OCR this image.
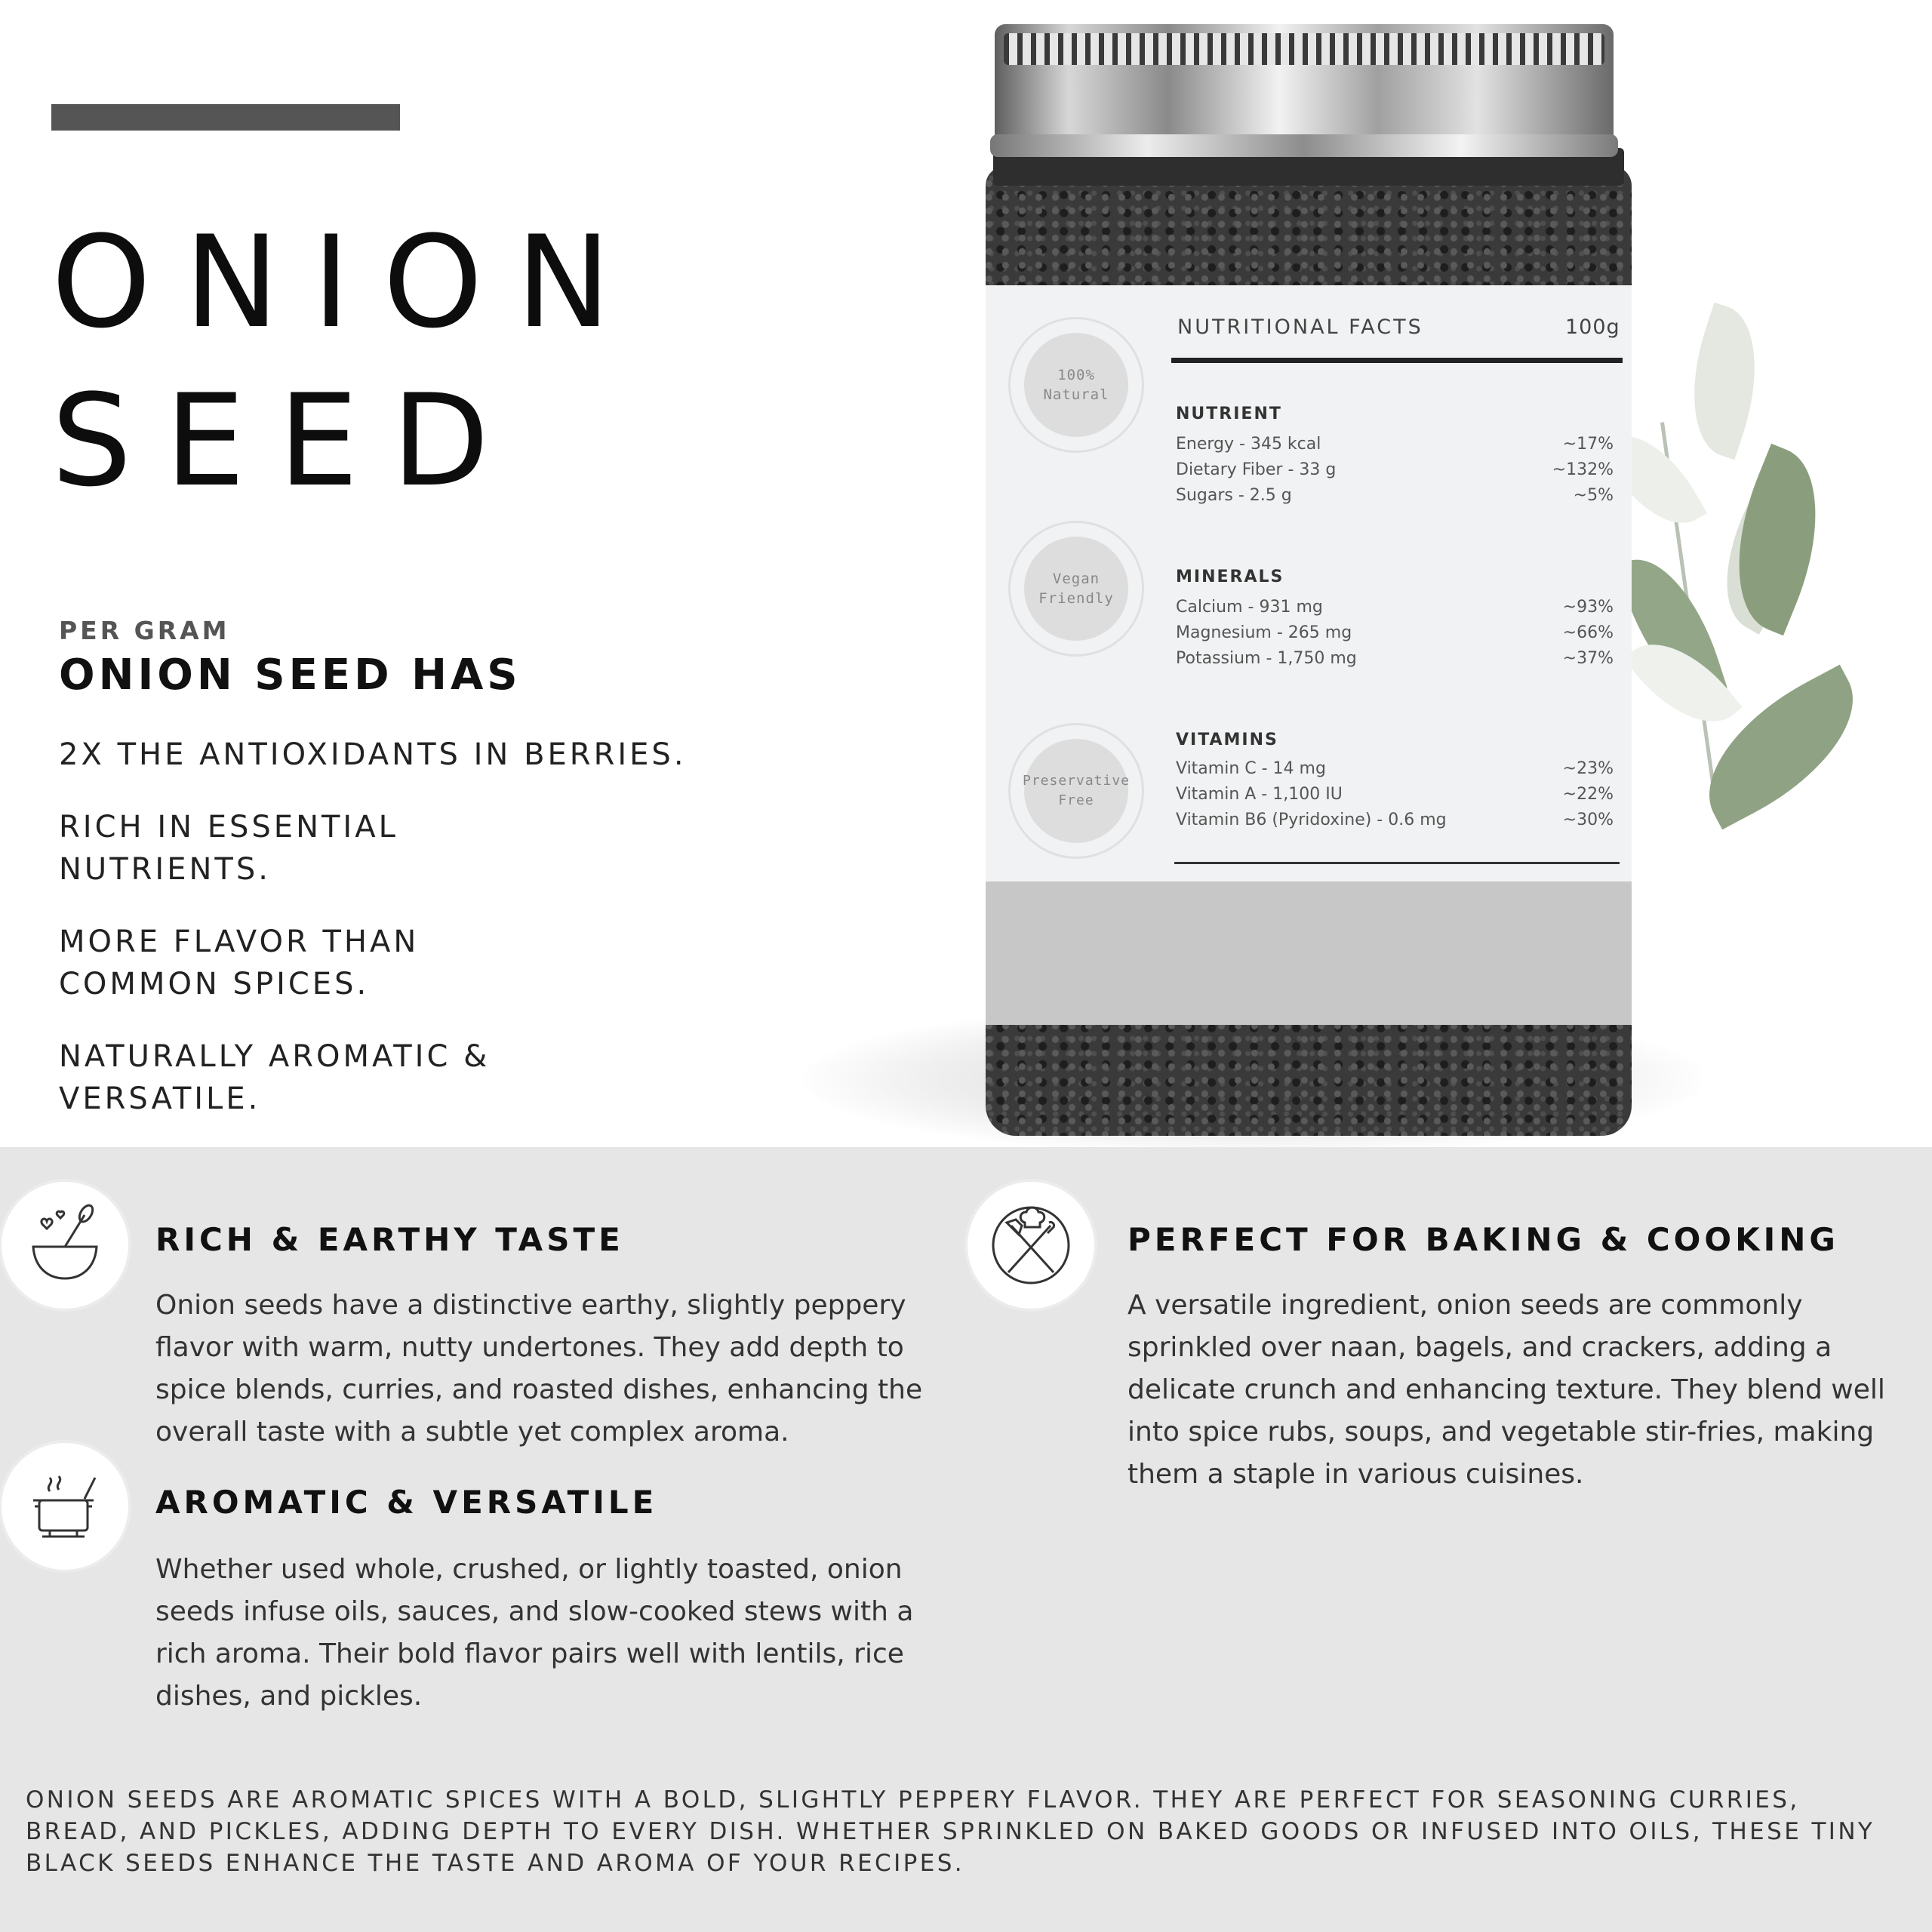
ONION
SEED
PER GRAM
ONION SEED HAS

2X THE ANTIOXIDANTS IN BERRIES.

RICH IN ESSENTIAL NUTRIENTS.

MORE FLAVOR THAN COMMON SPICES.

NATURALLY AROMATIC & VERSATILE.

100% Natural
Vegan Friendly
Preservative Free
NUTRITIONAL FACTS	100g
NUTRIENT
Energy - 345 kcal	~17%
Dietary Fiber - 33 g	~132%
Sugars - 2.5 g	~5%
MINERALS
Calcium - 931 mg	~93%
Magnesium - 265 mg	~66%
Potassium - 1,750 mg	~37%
VITAMINS
Vitamin C - 14 mg	~23%
Vitamin A - 1,100 IU	~22%
Vitamin B6 (Pyridoxine) - 0.6 mg	~30%
RICH & EARTHY TASTE
Onion seeds have a distinctive earthy, slightly peppery flavor with warm, nutty undertones. They add depth to spice blends, curries, and roasted dishes, enhancing the overall taste with a subtle yet complex aroma.
AROMATIC & VERSATILE
Whether used whole, crushed, or lightly toasted, onion seeds infuse oils, sauces, and slow-cooked stews with a rich aroma. Their bold flavor pairs well with lentils, rice dishes, and pickles.
PERFECT FOR BAKING & COOKING
A versatile ingredient, onion seeds are commonly sprinkled over naan, bagels, and crackers, adding a delicate crunch and enhancing texture. They blend well into spice rubs, soups, and vegetable stir-fries, making them a staple in various cuisines.
ONION SEEDS ARE AROMATIC SPICES WITH A BOLD, SLIGHTLY PEPPERY FLAVOR. THEY ARE PERFECT FOR SEASONING CURRIES, BREAD, AND PICKLES, ADDING DEPTH TO EVERY DISH. WHETHER SPRINKLED ON BAKED GOODS OR INFUSED INTO OILS, THESE TINY BLACK SEEDS ENHANCE THE TASTE AND AROMA OF YOUR RECIPES.
